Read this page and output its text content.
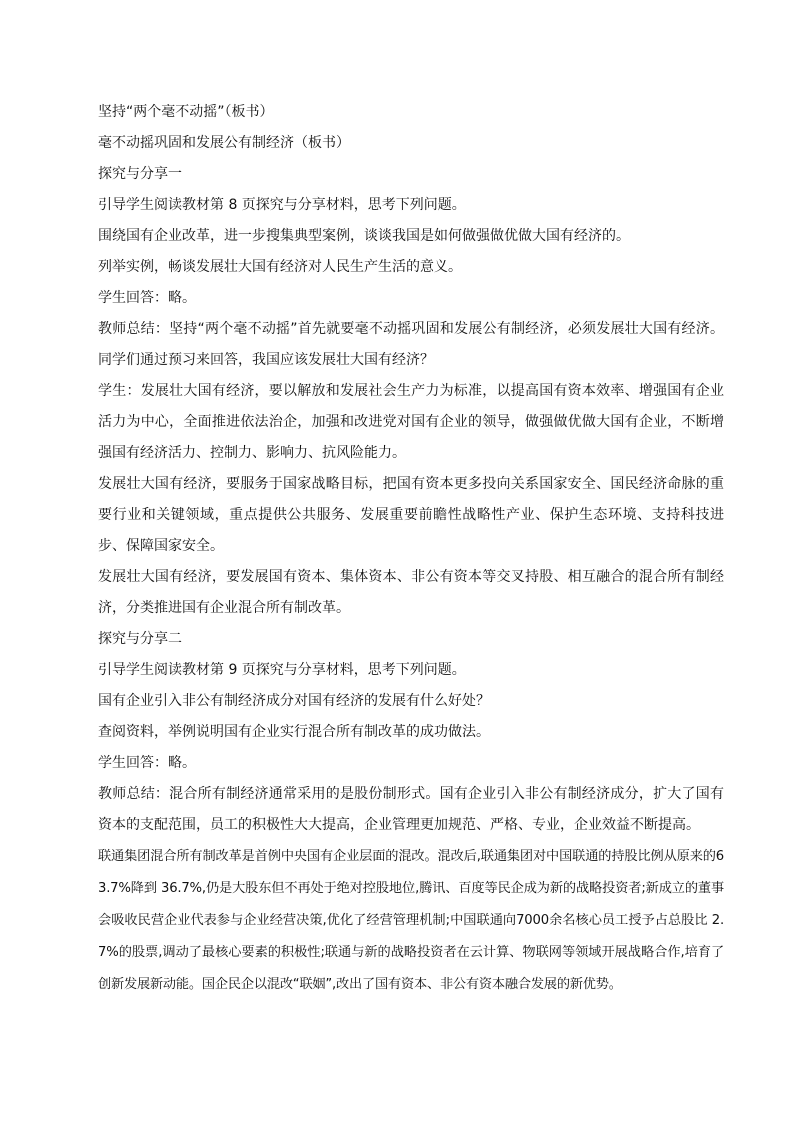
坚持“两个毫不动摇”（板书）

毫不动摇巩固和发展公有制经济（板书）

探究与分享一

引导学生阅读教材第 8 页探究与分享材料，思考下列问题。

围绕国有企业改革，进一步搜集典型案例，谈谈我国是如何做强做优做大国有经济的。

列举实例，畅谈发展壮大国有经济对人民生产生活的意义。

学生回答：略。

教师总结：坚持“两个毫不动摇”首先就要毫不动摇巩固和发展公有制经济，必须发展壮大国有经济。同学们通过预习来回答，我国应该发展壮大国有经济？

学生：发展壮大国有经济，要以解放和发展社会生产力为标准，以提高国有资本效率、增强国有企业活力为中心，全面推进依法治企，加强和改进党对国有企业的领导，做强做优做大国有企业，不断增强国有经济活力、控制力、影响力、抗风险能力。

发展壮大国有经济，要服务于国家战略目标，把国有资本更多投向关系国家安全、国民经济命脉的重要行业和关键领域，重点提供公共服务、发展重要前瞻性战略性产业、保护生态环境、支持科技进步、保障国家安全。

发展壮大国有经济，要发展国有资本、集体资本、非公有资本等交叉持股、相互融合的混合所有制经济，分类推进国有企业混合所有制改革。

探究与分享二

引导学生阅读教材第 9 页探究与分享材料，思考下列问题。

国有企业引入非公有制经济成分对国有经济的发展有什么好处？

查阅资料，举例说明国有企业实行混合所有制改革的成功做法。

学生回答：略。

教师总结：混合所有制经济通常采用的是股份制形式。国有企业引入非公有制经济成分，扩大了国有资本的支配范围，员工的积极性大大提高，企业管理更加规范、严格、专业，企业效益不断提高。

联通集团混合所有制改革是首例中央国有企业层面的混改。混改后,联通集团对中国联通的持股比例从原来的63.7%降到 36.7%,仍是大股东但不再处于绝对控股地位,腾讯、百度等民企成为新的战略投资者;新成立的董事会吸收民营企业代表参与企业经营决策,优化了经营管理机制;中国联通向7000余名核心员工授予占总股比 2.7%的股票,调动了最核心要素的积极性;联通与新的战略投资者在云计算、物联网等领域开展战略合作,培育了创新发展新动能。国企民企以混改“联姻”,改出了国有资本、非公有资本融合发展的新优势。
